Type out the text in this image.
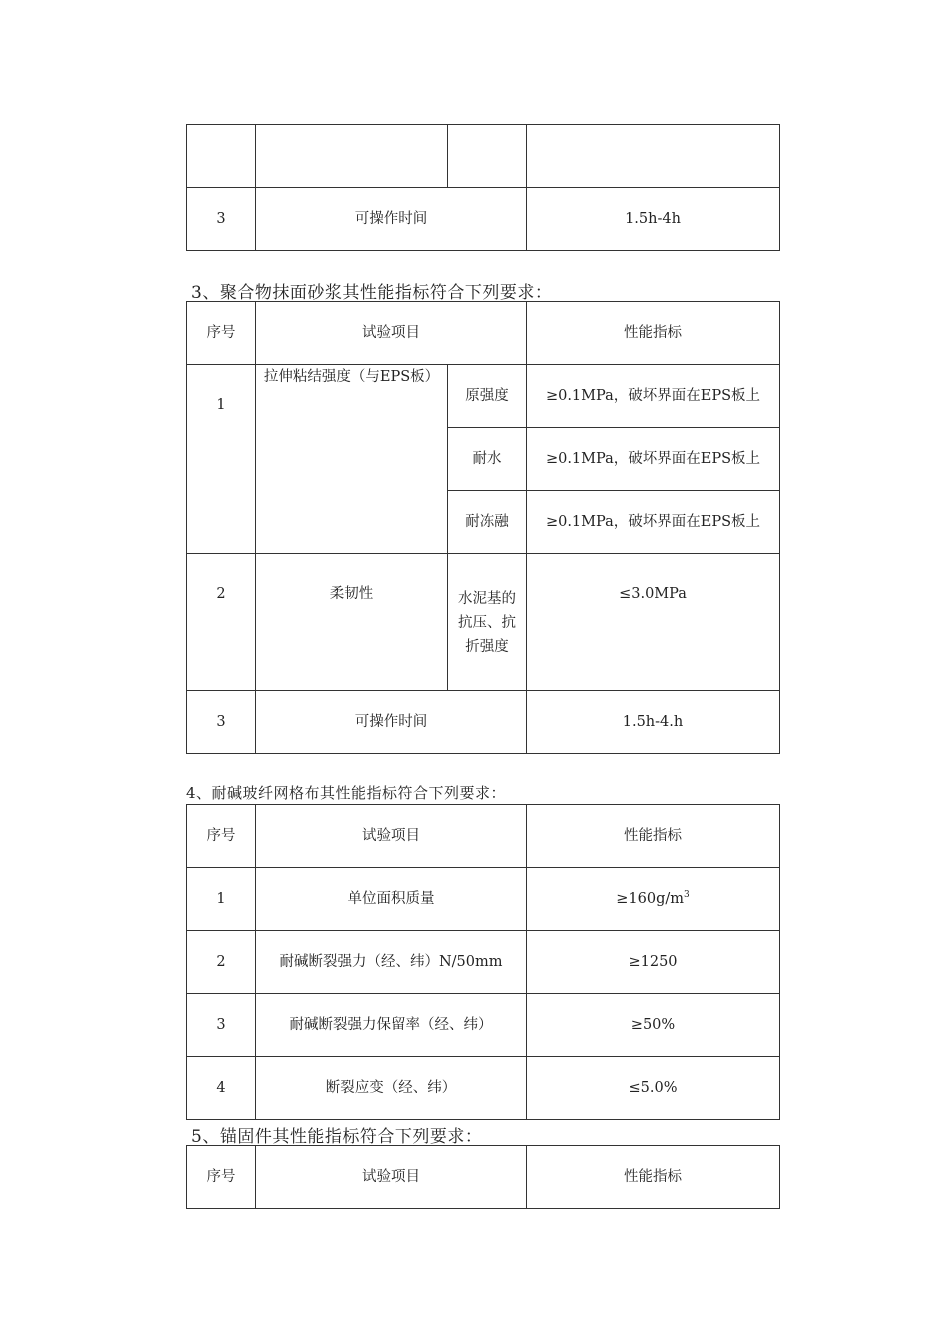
3	可操作时间		1.5h-4h
3、聚合物抹面砂浆其性能指标符合下列要求：
序号	试验项目		性能指标
1	拉伸粘结强度（与EPS板）	原强度	≥0.1MPa，破坏界面在EPS板上
		耐水	≥0.1MPa，破坏界面在EPS板上
		耐冻融	≥0.1MPa，破坏界面在EPS板上
2	柔韧性	水泥基的抗压、抗折强度	≤3.0MPa
3	可操作时间		1.5h-4.h
4、耐碱玻纤网格布其性能指标符合下列要求：
序号	试验项目	性能指标
1	单位面积质量	$\ge 160g/m^3$
2	耐碱断裂强力（经、纬）N/50mm	≥1250
3	耐碱断裂强力保留率（经、纬）	≥50%
4	断裂应变（经、纬）	≤5.0%
5、锚固件其性能指标符合下列要求：
序号	试验项目	性能指标
